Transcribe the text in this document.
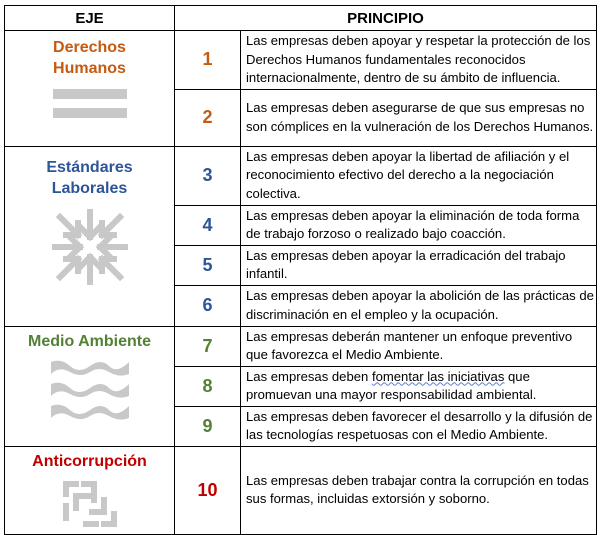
EJE	PRINCIPIO	

Derechos
Humanos	1	Las empresas deben apoyar y respetar la protección de los Derechos Humanos fundamentales reconocidos internacionalmente, dentro de su ámbito de influencia.
	2	Las empresas deben asegurarse de que sus empresas no son cómplices en la vulneración de los Derechos Humanos.

Estándares
Laborales	3	Las empresas deben apoyar la libertad de afiliación y el reconocimiento efectivo del derecho a la negociación colectiva.
	4	Las empresas deben apoyar la eliminación de toda forma de trabajo forzoso o realizado bajo coacción.
	5	Las empresas deben apoyar la erradicación del trabajo infantil.
	6	Las empresas deben apoyar la abolición de las prácticas de discriminación en el empleo y la ocupación.

Medio Ambiente	7	Las empresas deberán mantener un enfoque preventivo que favorezca el Medio Ambiente.
	8	Las empresas deben fomentar las iniciativas que promuevan una mayor responsabilidad ambiental.
	9	Las empresas deben favorecer el desarrollo y la difusión de las tecnologías respetuosas con el Medio Ambiente.

Anticorrupción	10	Las empresas deben trabajar contra la corrupción en todas sus formas, incluidas extorsión y soborno.
